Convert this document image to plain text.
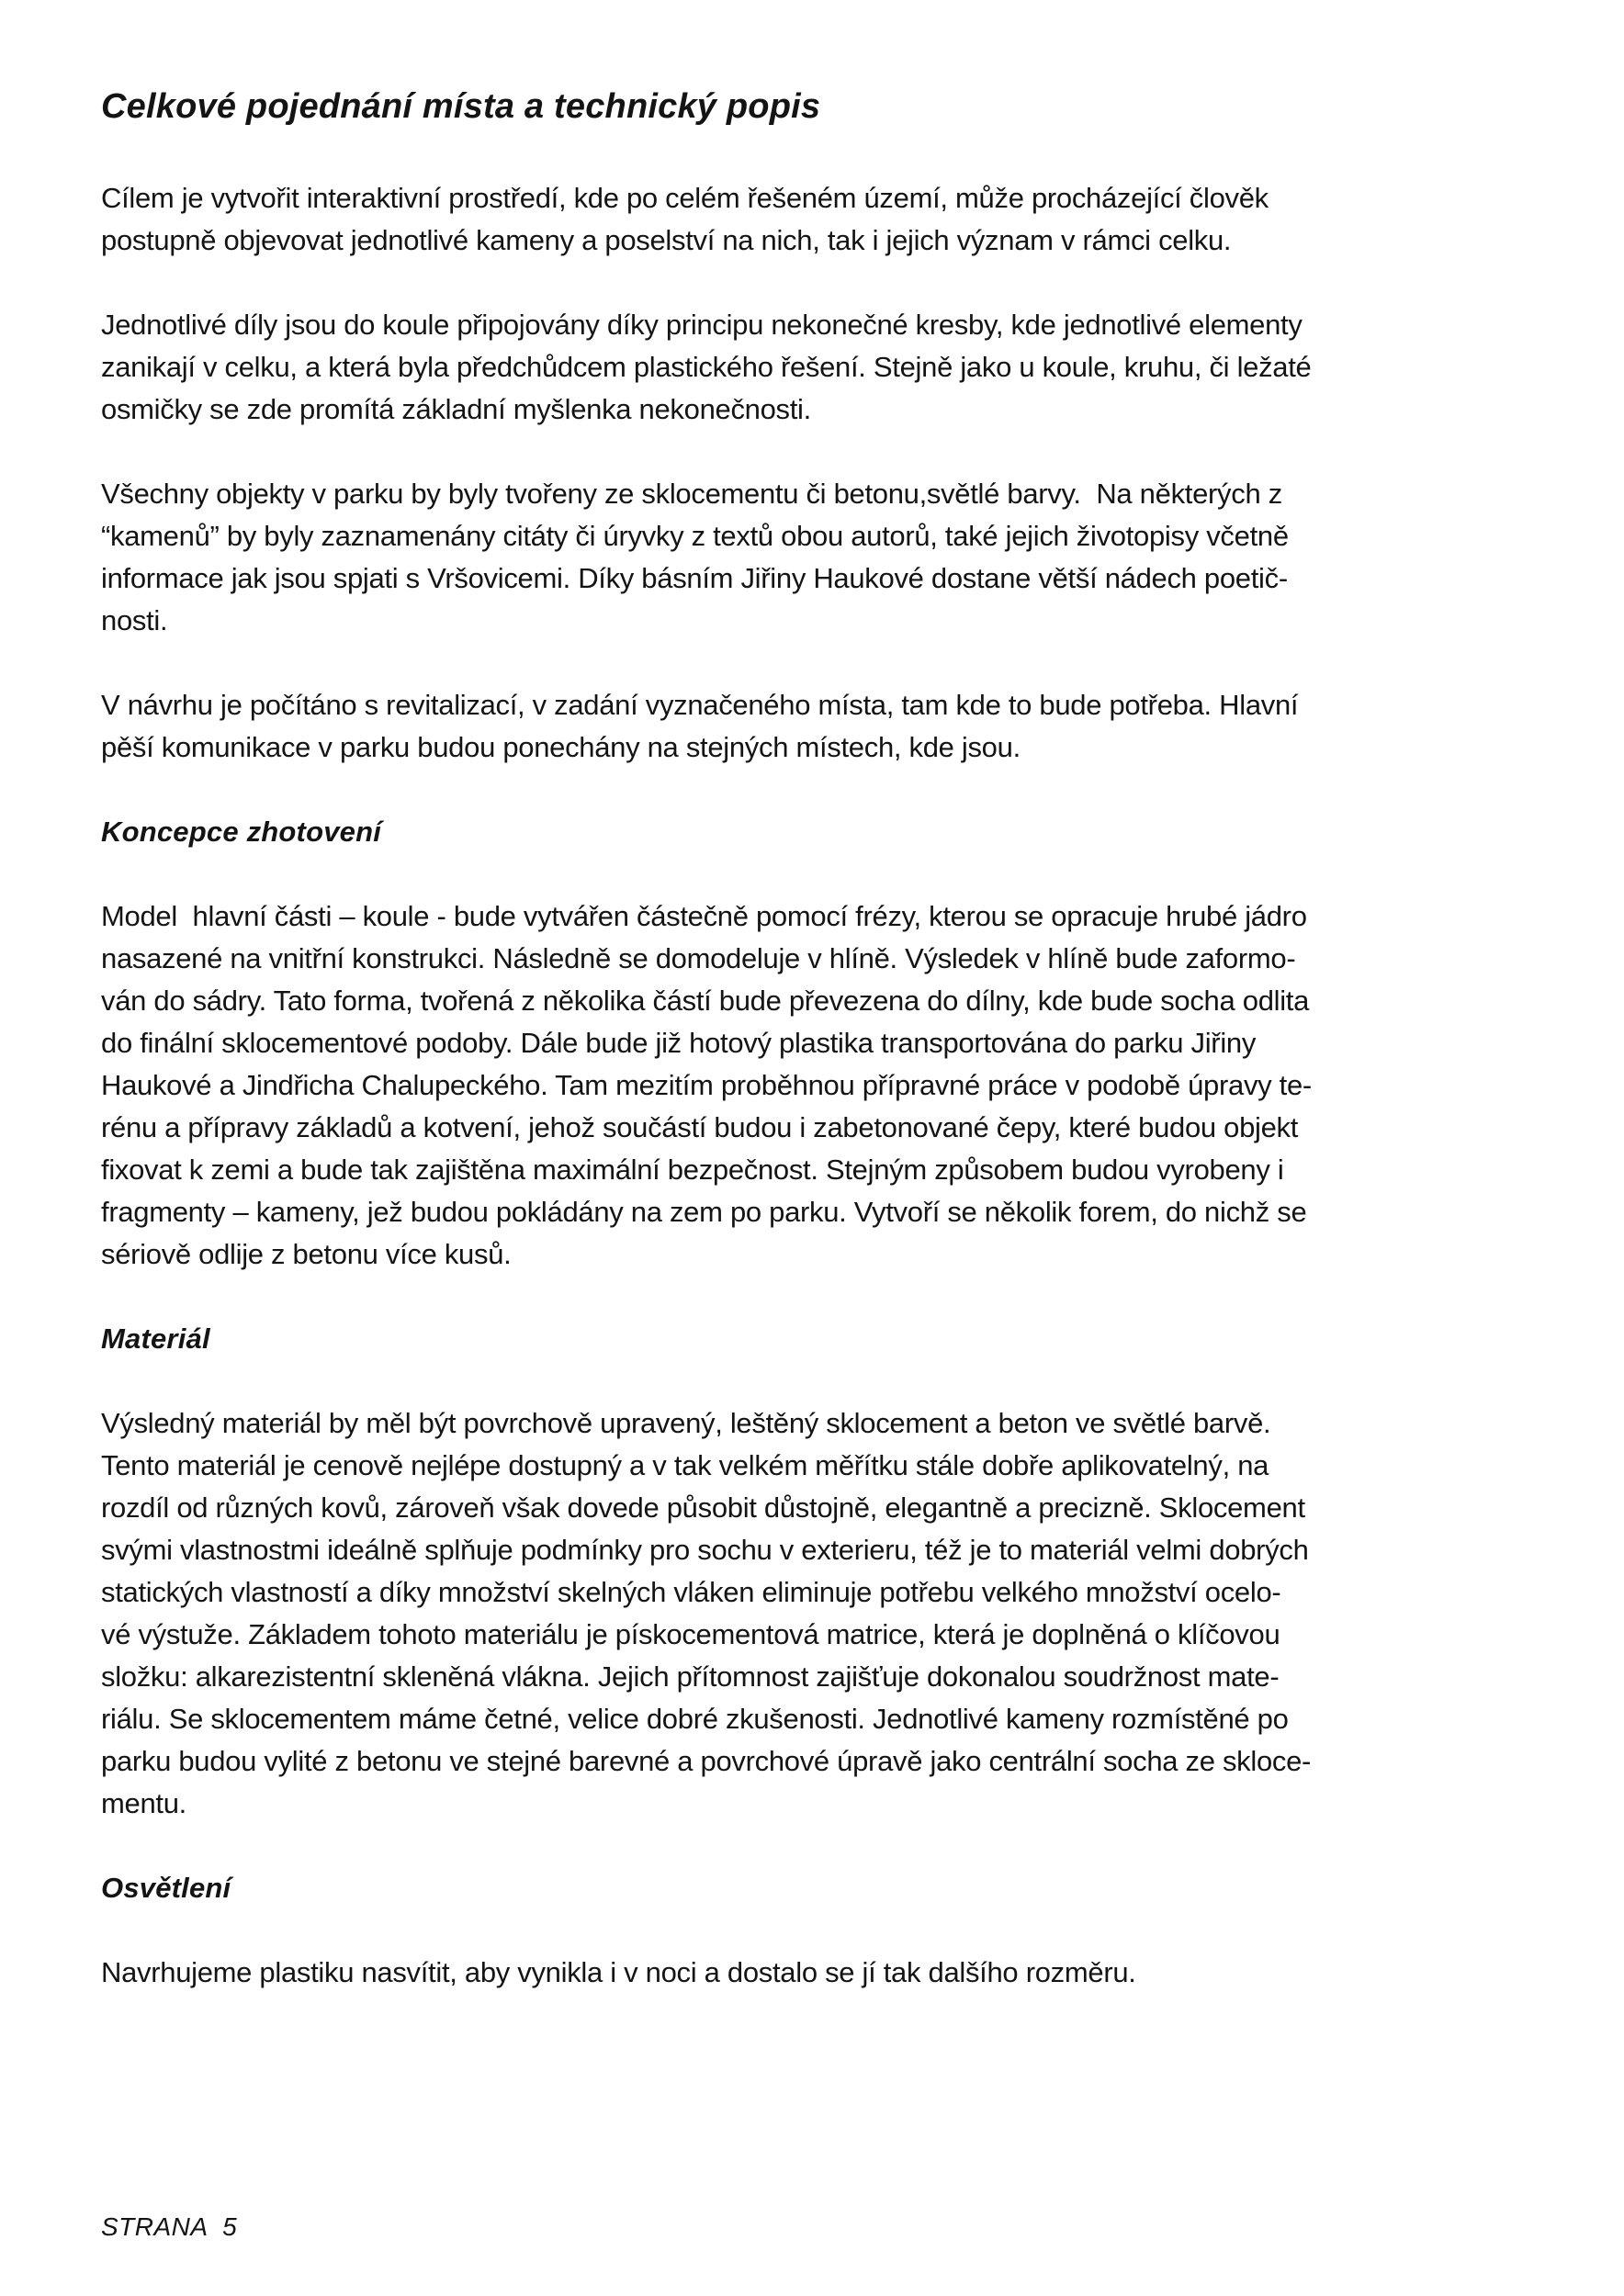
Celkové pojednání místa a technický popis
Cílem je vytvořit interaktivní prostředí, kde po celém řešeném území, může procházející člověk
postupně objevovat jednotlivé kameny a poselství na nich, tak i jejich význam v rámci celku.
Jednotlivé díly jsou do koule připojovány díky principu nekonečné kresby, kde jednotlivé elementy
zanikají v celku, a která byla předchůdcem plastického řešení. Stejně jako u koule, kruhu, či ležaté
osmičky se zde promítá základní myšlenka nekonečnosti.
Všechny objekty v parku by byly tvořeny ze sklocementu či betonu,světlé barvy.  Na některých z
“kamenů” by byly zaznamenány citáty či úryvky z textů obou autorů, také jejich životopisy včetně
informace jak jsou spjati s Vršovicemi. Díky básním Jiřiny Haukové dostane větší nádech poetič-
nosti.
V návrhu je počítáno s revitalizací, v zadání vyznačeného místa, tam kde to bude potřeba. Hlavní
pěší komunikace v parku budou ponechány na stejných místech, kde jsou.
Koncepce zhotovení
Model  hlavní části – koule - bude vytvářen částečně pomocí frézy, kterou se opracuje hrubé jádro
nasazené na vnitřní konstrukci. Následně se domodeluje v hlíně. Výsledek v hlíně bude zaformo-
ván do sádry. Tato forma, tvořená z několika částí bude převezena do dílny, kde bude socha odlita
do finální sklocementové podoby. Dále bude již hotový plastika transportována do parku Jiřiny
Haukové a Jindřicha Chalupeckého. Tam mezitím proběhnou přípravné práce v podobě úpravy te-
rénu a přípravy základů a kotvení, jehož součástí budou i zabetonované čepy, které budou objekt
fixovat k zemi a bude tak zajištěna maximální bezpečnost. Stejným způsobem budou vyrobeny i
fragmenty – kameny, jež budou pokládány na zem po parku. Vytvoří se několik forem, do nichž se
sériově odlije z betonu více kusů.
Materiál
Výsledný materiál by měl být povrchově upravený, leštěný sklocement a beton ve světlé barvě.
Tento materiál je cenově nejlépe dostupný a v tak velkém měřítku stále dobře aplikovatelný, na
rozdíl od různých kovů, zároveň však dovede působit důstojně, elegantně a precizně. Sklocement
svými vlastnostmi ideálně splňuje podmínky pro sochu v exterieru, též je to materiál velmi dobrých
statických vlastností a díky množství skelných vláken eliminuje potřebu velkého množství ocelo-
vé výstuže. Základem tohoto materiálu je pískocementová matrice, která je doplněná o klíčovou
složku: alkarezistentní skleněná vlákna. Jejich přítomnost zajišťuje dokonalou soudržnost mate-
riálu. Se sklocementem máme četné, velice dobré zkušenosti. Jednotlivé kameny rozmístěné po
parku budou vylité z betonu ve stejné barevné a povrchové úpravě jako centrální socha ze skloce-
mentu.
Osvětlení
Navrhujeme plastiku nasvítit, aby vynikla i v noci a dostalo se jí tak dalšího rozměru.
STRANA  5
